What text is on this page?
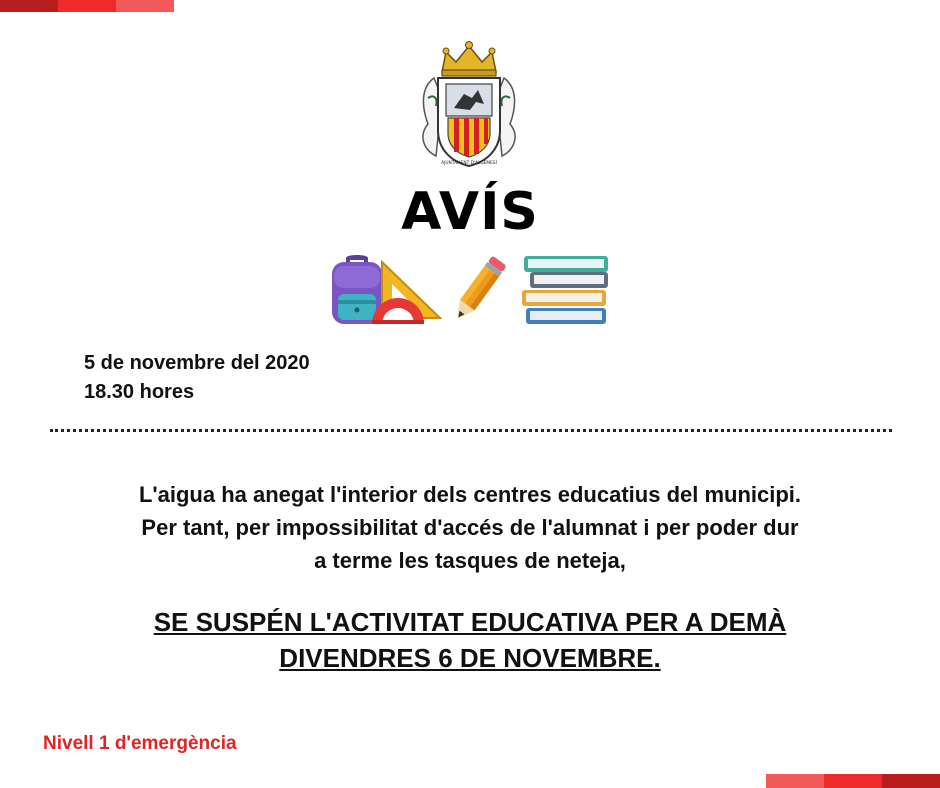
AJUNTAMENT D'ALGEMESÍ
AVÍS
5 de novembre del 2020
18.30 hores
L'aigua ha anegat l'interior dels centres educatius del municipi.
Per tant, per impossibilitat d'accés de l'alumnat i per poder dur
a terme les tasques de neteja,
SE SUSPÉN L'ACTIVITAT EDUCATIVA PER A DEMÀ
DIVENDRES 6 DE NOVEMBRE.
Nivell 1 d'emergència
